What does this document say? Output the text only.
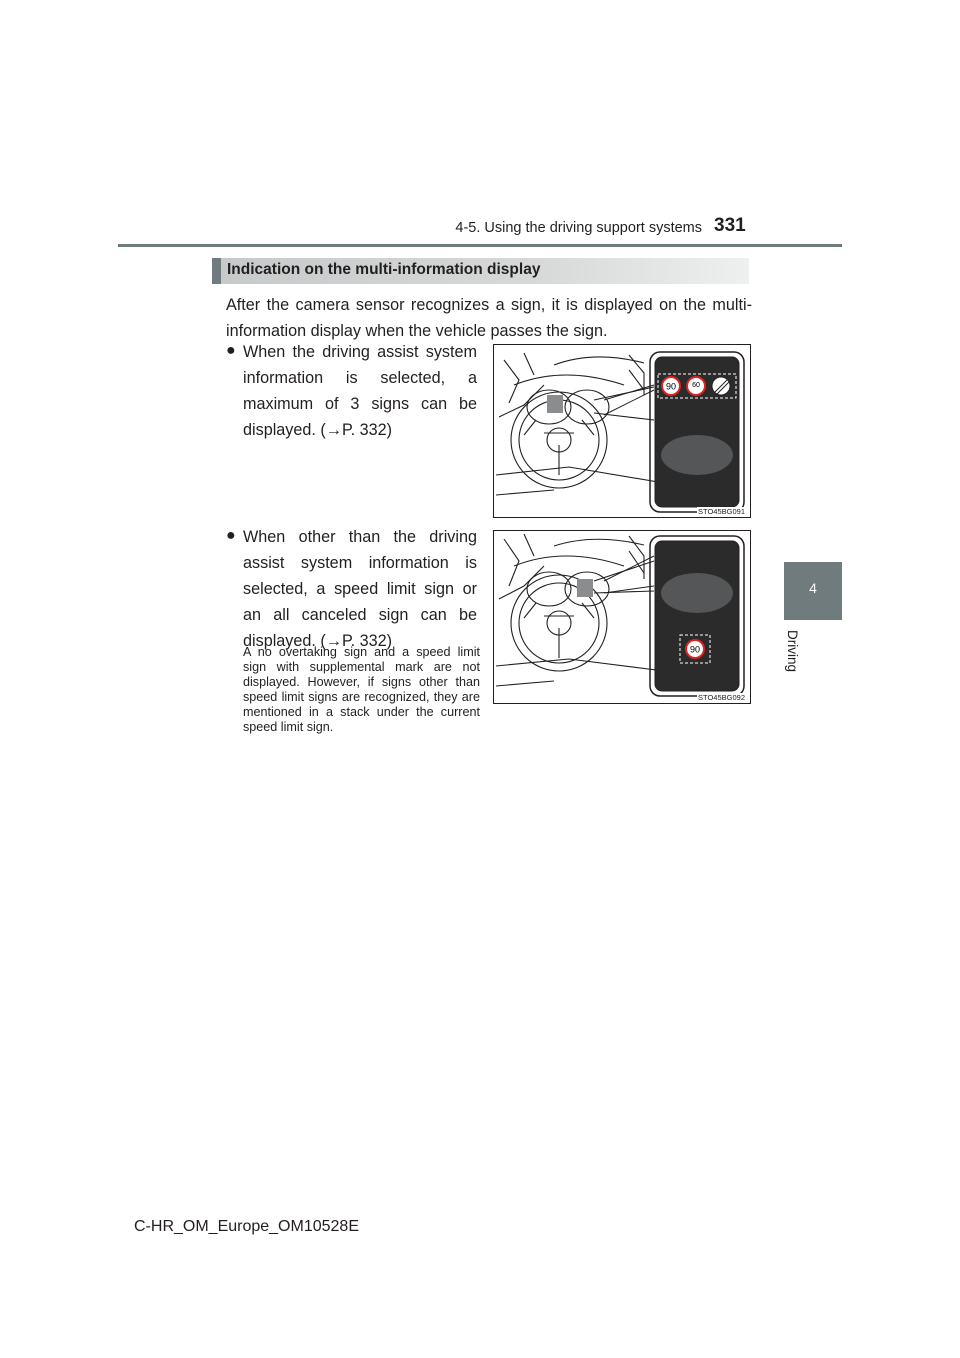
4-5. Using the driving support systems 331
4
Driving
Indication on the multi-information display
After the camera sensor recognizes a sign, it is displayed on the multi-information display when the vehicle passes the sign.
● When the driving assist system information is selected, a maximum of 3 signs can be displayed. (→P. 332)
● When other than the driving assist system information is selected, a speed limit sign or an all canceled sign can be displayed. (→P. 332)
A no overtaking sign and a speed limit sign with supplemental mark are not displayed. However, if signs other than speed limit signs are recognized, they are mentioned in a stack under the current speed limit sign.
90 60
STO45BG091
90
STO45BG092
C-HR_OM_Europe_OM10528E
